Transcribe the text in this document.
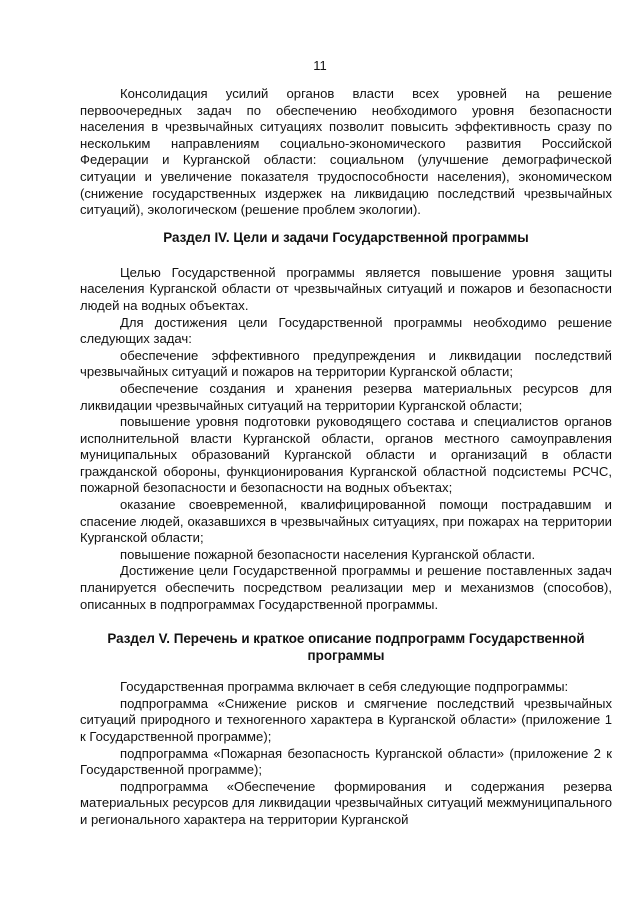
11

Консолидация усилий органов власти всех уровней на решение первоочередных задач по обеспечению необходимого уровня безопасности населения в чрезвычайных ситуациях позволит повысить эффективность сразу по нескольким направлениям социально-экономического развития Российской Федерации и Курганской области: социальном (улучшение демографической ситуации и увеличение показателя трудоспособности населения), экономическом (снижение государственных издержек на ликвидацию последствий чрезвычайных ситуаций), экологическом (решение проблем экологии).

Раздел IV. Цели и задачи Государственной программы

Целью Государственной программы является повышение уровня защиты населения Курганской области от чрезвычайных ситуаций и пожаров и безопасности людей на водных объектах.

Для достижения цели Государственной программы необходимо решение следующих задач:

обеспечение эффективного предупреждения и ликвидации последствий чрезвычайных ситуаций и пожаров на территории Курганской области;

обеспечение создания и хранения резерва материальных ресурсов для ликвидации чрезвычайных ситуаций на территории Курганской области;

повышение уровня подготовки руководящего состава и специалистов органов исполнительной власти Курганской области, органов местного самоуправления муниципальных образований Курганской области и организаций в области гражданской обороны, функционирования Курганской областной подсистемы РСЧС, пожарной безопасности и безопасности на водных объектах;

оказание своевременной, квалифицированной помощи пострадавшим и спасение людей, оказавшихся в чрезвычайных ситуациях, при пожарах на территории Курганской области;

повышение пожарной безопасности населения Курганской области.

Достижение цели Государственной программы и решение поставленных задач планируется обеспечить посредством реализации мер и механизмов (способов), описанных в подпрограммах Государственной программы.

Раздел V. Перечень и краткое описание подпрограмм Государственной программы

Государственная программа включает в себя следующие подпрограммы:

подпрограмма «Снижение рисков и смягчение последствий чрезвычайных ситуаций природного и техногенного характера в Курганской области» (приложение 1 к Государственной программе);

подпрограмма «Пожарная безопасность Курганской области» (приложение 2 к Государственной программе);

подпрограмма «Обеспечение формирования и содержания резерва материальных ресурсов для ликвидации чрезвычайных ситуаций межмуниципального и регионального характера на территории Курганской
